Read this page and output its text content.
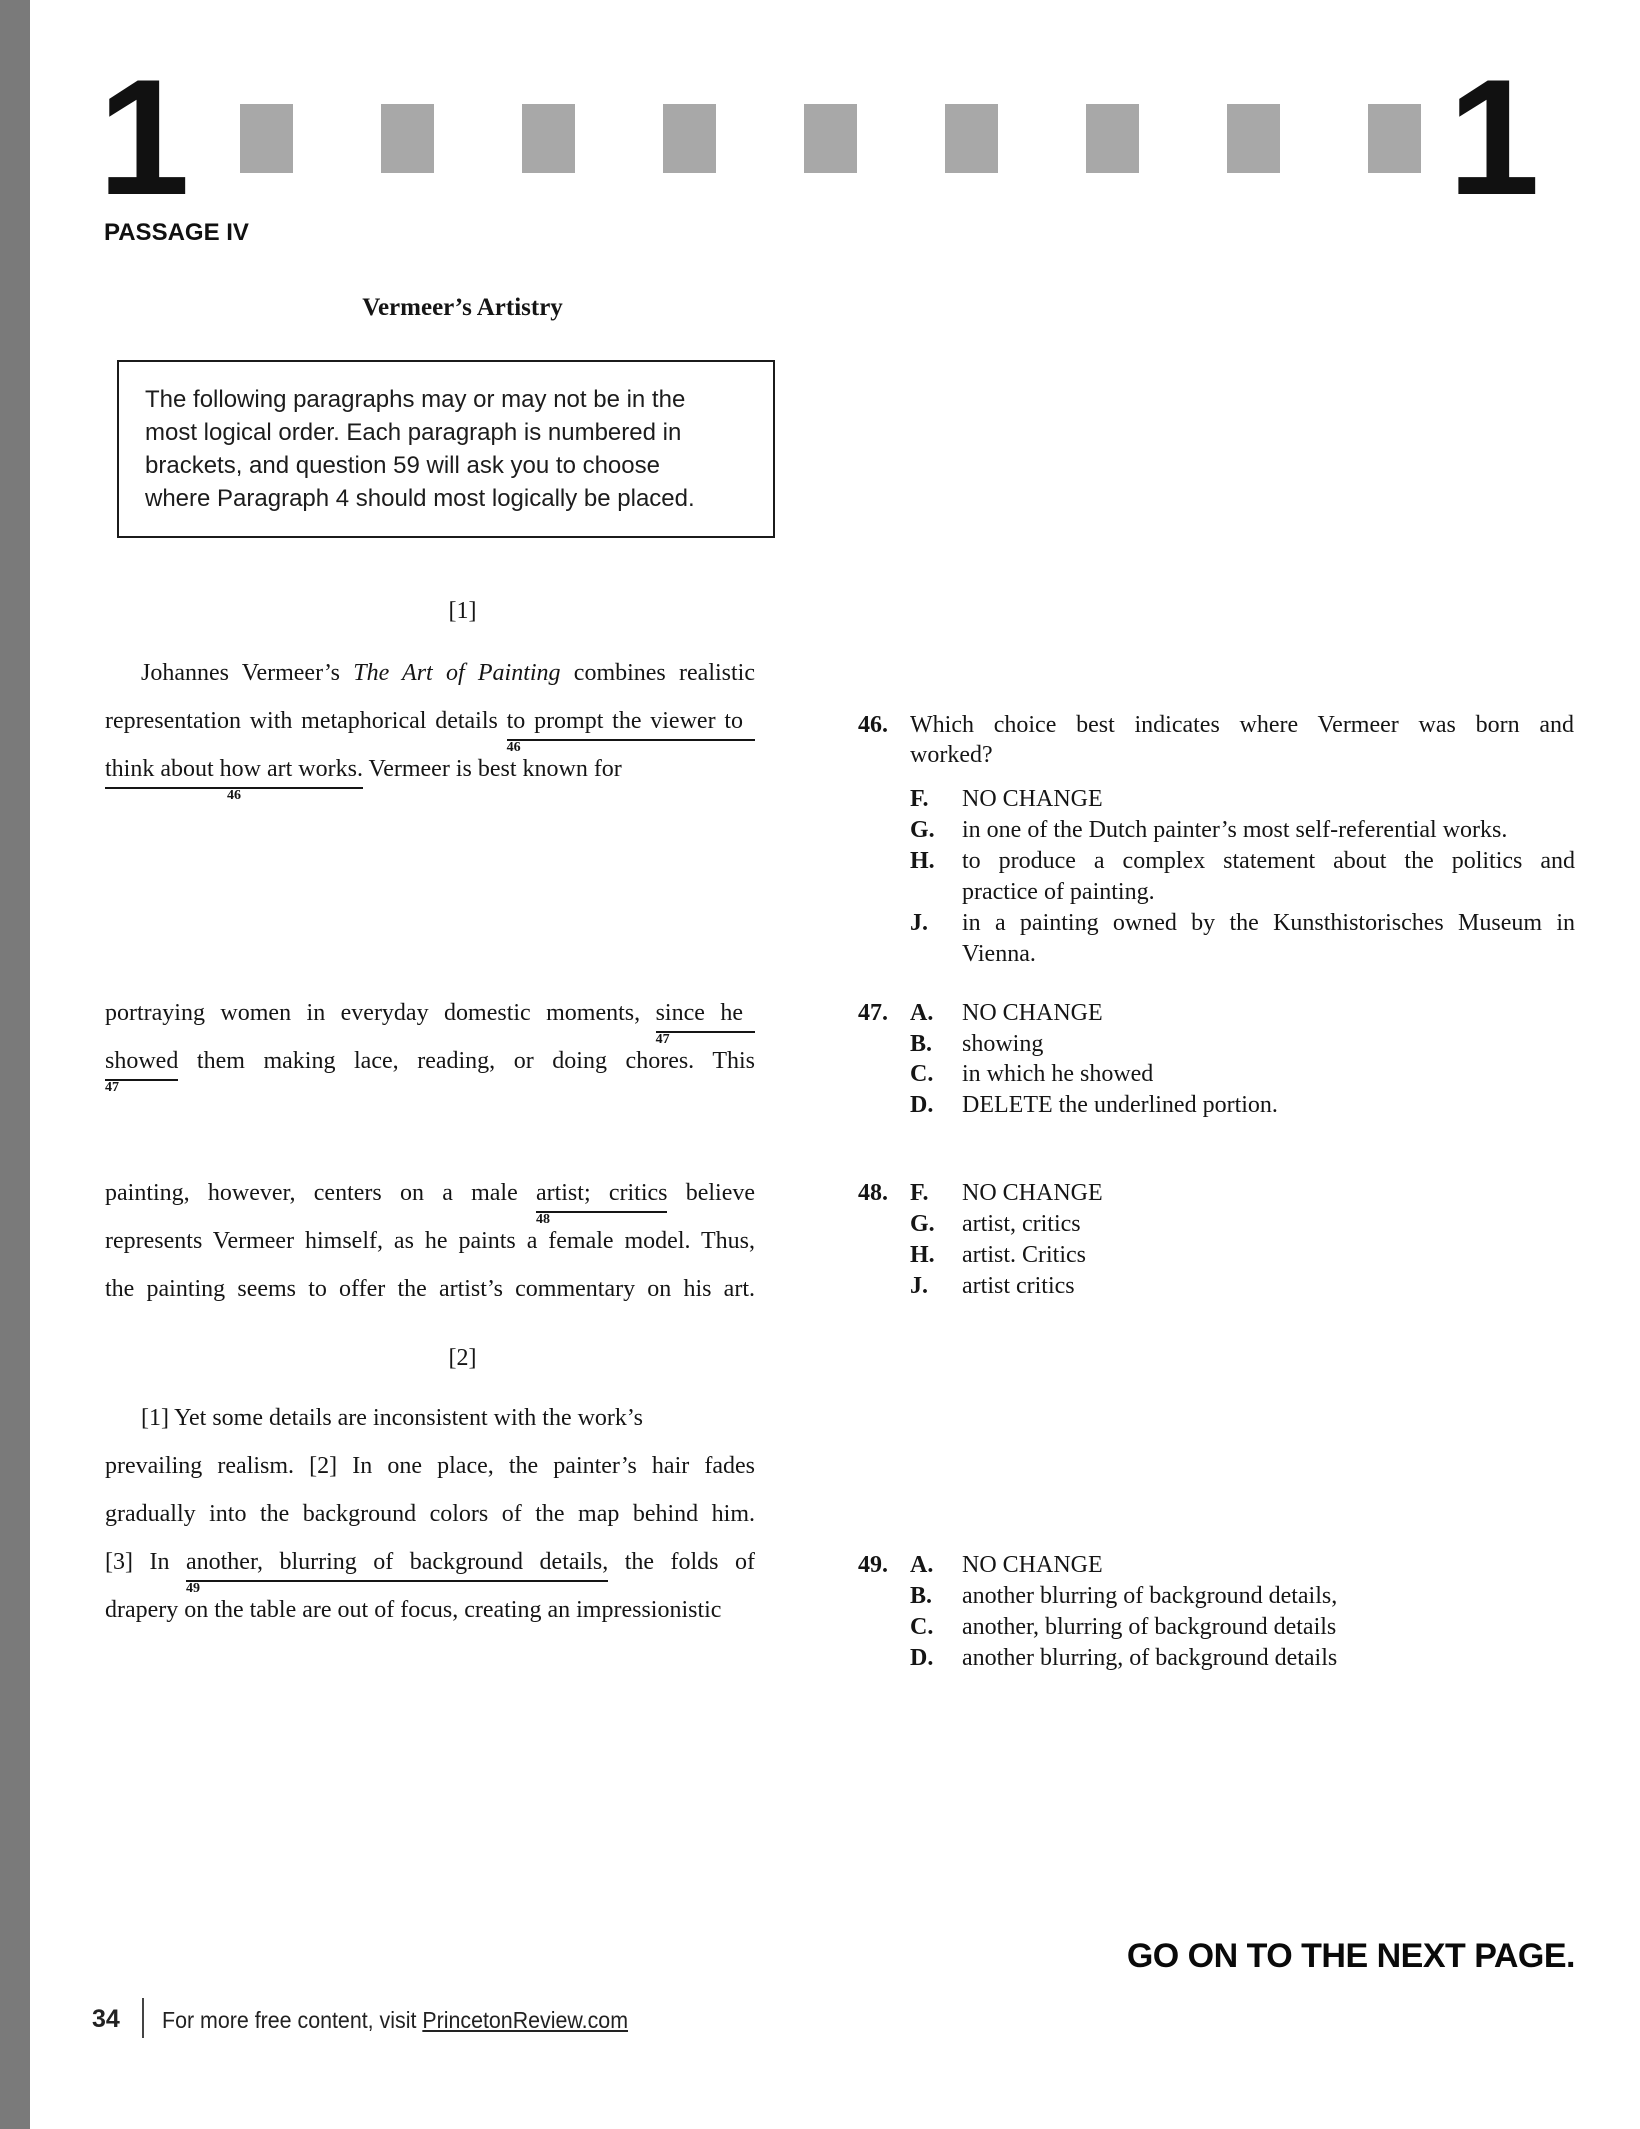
1	1
PASSAGE IV
Vermeer’s Artistry
The following paragraphs may or may not be in the
most logical order. Each paragraph is numbered in
brackets, and question 59 will ask you to choose
where Paragraph 4 should most logically be placed.
[1]
Johannes Vermeer’s The Art of Painting combines realistic
representation with metaphorical details to prompt the viewer to
46
think about how art works.
46
Vermeer is best known for
portraying women in everyday domestic moments, since he
47
showed
47
them making lace, reading, or doing chores. This
painting, however, centers on a male artist; critics
48
believe
represents Vermeer himself, as he paints a female model. Thus,
the painting seems to offer the artist’s commentary on his art.
[2]
[1] Yet some details are inconsistent with the work’s
prevailing realism. [2] In one place, the painter’s hair fades
gradually into the background colors of the map behind him.
[3] In another, blurring of background details,
49
the folds of
drapery on the table are out of focus, creating an impressionistic
46. Which choice best indicates where Vermeer was born and
worked?
F. NO CHANGE
G. in one of the Dutch painter’s most self-referential works.
H. to produce a complex statement about the politics and
practice of painting.
J. in a painting owned by the Kunsthistorisches Museum in
Vienna.
47. A. NO CHANGE
B. showing
C. in which he showed
D. DELETE the underlined portion.
48. F. NO CHANGE
G. artist, critics
H. artist. Critics
J. artist critics
49. A. NO CHANGE
B. another blurring of background details,
C. another, blurring of background details
D. another blurring, of background details
GO ON TO THE NEXT PAGE.
34 For more free content, visit PrincetonReview.com
